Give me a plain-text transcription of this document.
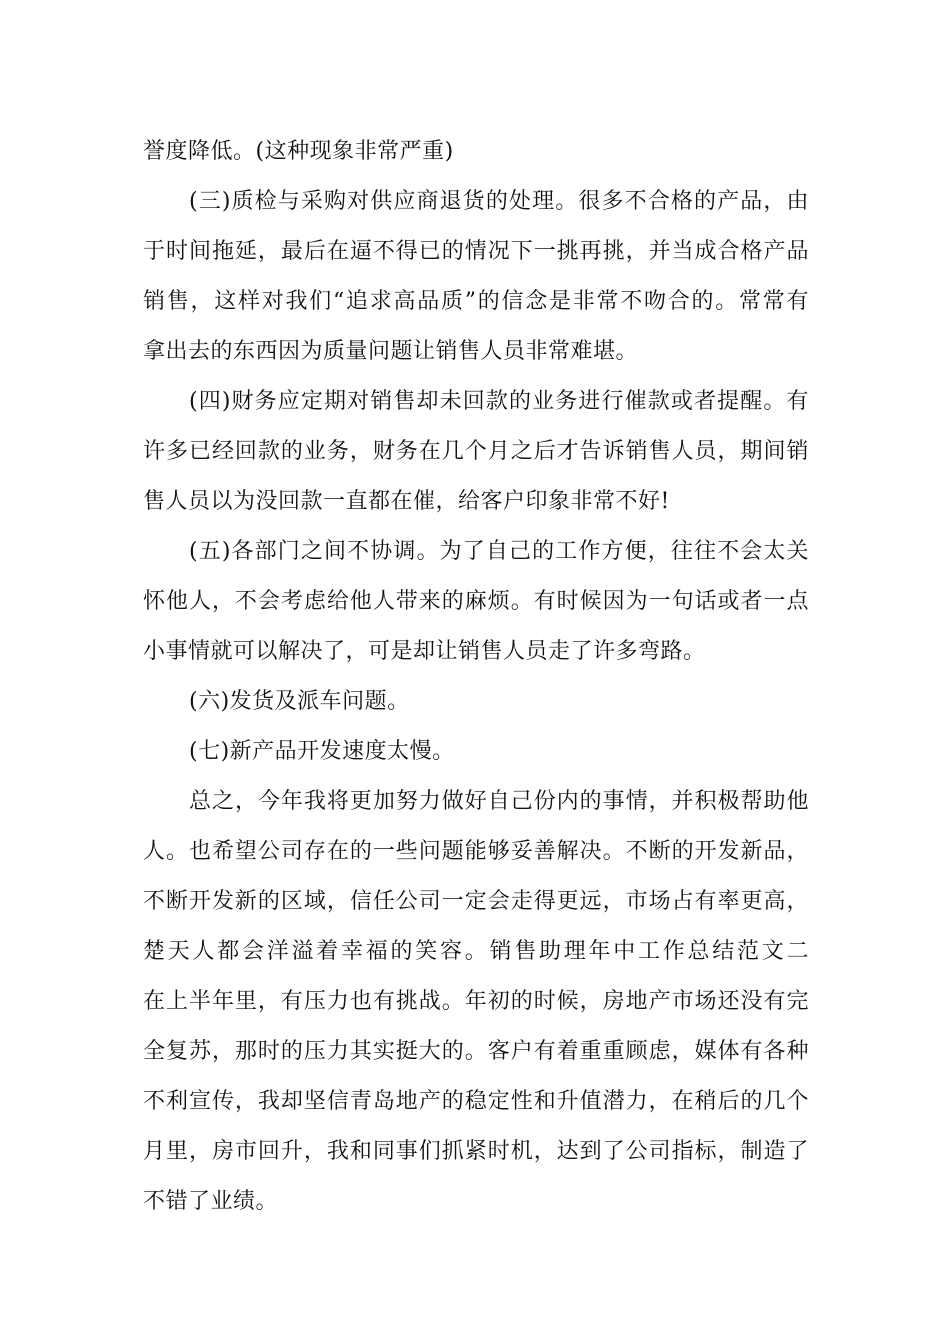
誉度降低。(这种现象非常严重)
(三)质检与采购对供应商退货的处理。很多不合格的产品，由
于时间拖延，最后在逼不得已的情况下一挑再挑，并当成合格产品
销售，这样对我们“追求高品质”的信念是非常不吻合的。常常有
拿出去的东西因为质量问题让销售人员非常难堪。
(四)财务应定期对销售却未回款的业务进行催款或者提醒。有
许多已经回款的业务，财务在几个月之后才告诉销售人员，期间销
售人员以为没回款一直都在催，给客户印象非常不好!
(五)各部门之间不协调。为了自己的工作方便，往往不会太关
怀他人，不会考虑给他人带来的麻烦。有时候因为一句话或者一点
小事情就可以解决了，可是却让销售人员走了许多弯路。
(六)发货及派车问题。
(七)新产品开发速度太慢。
总之，今年我将更加努力做好自己份内的事情，并积极帮助他
人。也希望公司存在的一些问题能够妥善解决。不断的开发新品，
不断开发新的区域，信任公司一定会走得更远，市场占有率更高，
楚天人都会洋溢着幸福的笑容。销售助理年中工作总结范文二
在上半年里，有压力也有挑战。年初的时候，房地产市场还没有完
全复苏，那时的压力其实挺大的。客户有着重重顾虑，媒体有各种
不利宣传，我却坚信青岛地产的稳定性和升值潜力，在稍后的几个
月里，房市回升，我和同事们抓紧时机，达到了公司指标，制造了
不错了业绩。
